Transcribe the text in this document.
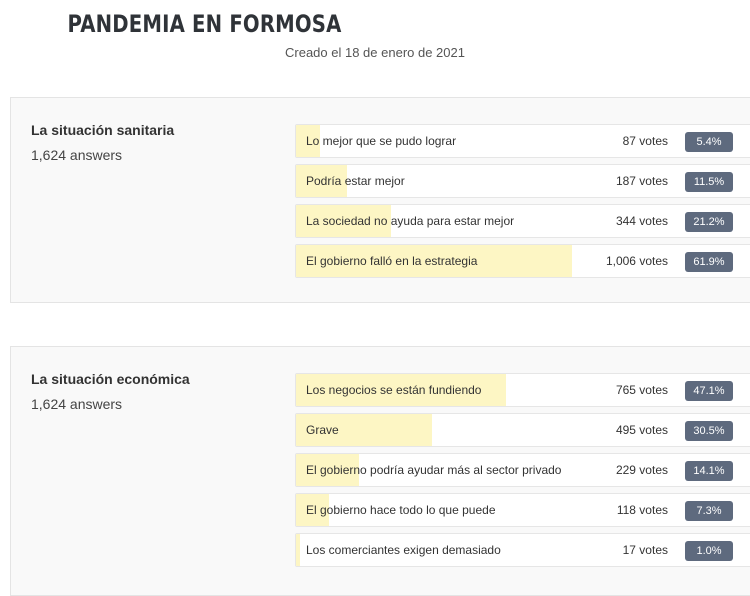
PANDEMIA EN FORMOSA
Creado el 18 de enero de 2021
La situación sanitaria
1,624 answers
Lo mejor que se pudo lograr	87 votes	5.4%
Podría estar mejor	187 votes	11.5%
La sociedad no ayuda para estar mejor	344 votes	21.2%
El gobierno falló en la estrategia	1,006 votes	61.9%
La situación económica
1,624 answers
Los negocios se están fundiendo	765 votes	47.1%
Grave	495 votes	30.5%
El gobierno podría ayudar más al sector privado	229 votes	14.1%
El gobierno hace todo lo que puede	118 votes	7.3%
Los comerciantes exigen demasiado	17 votes	1.0%
